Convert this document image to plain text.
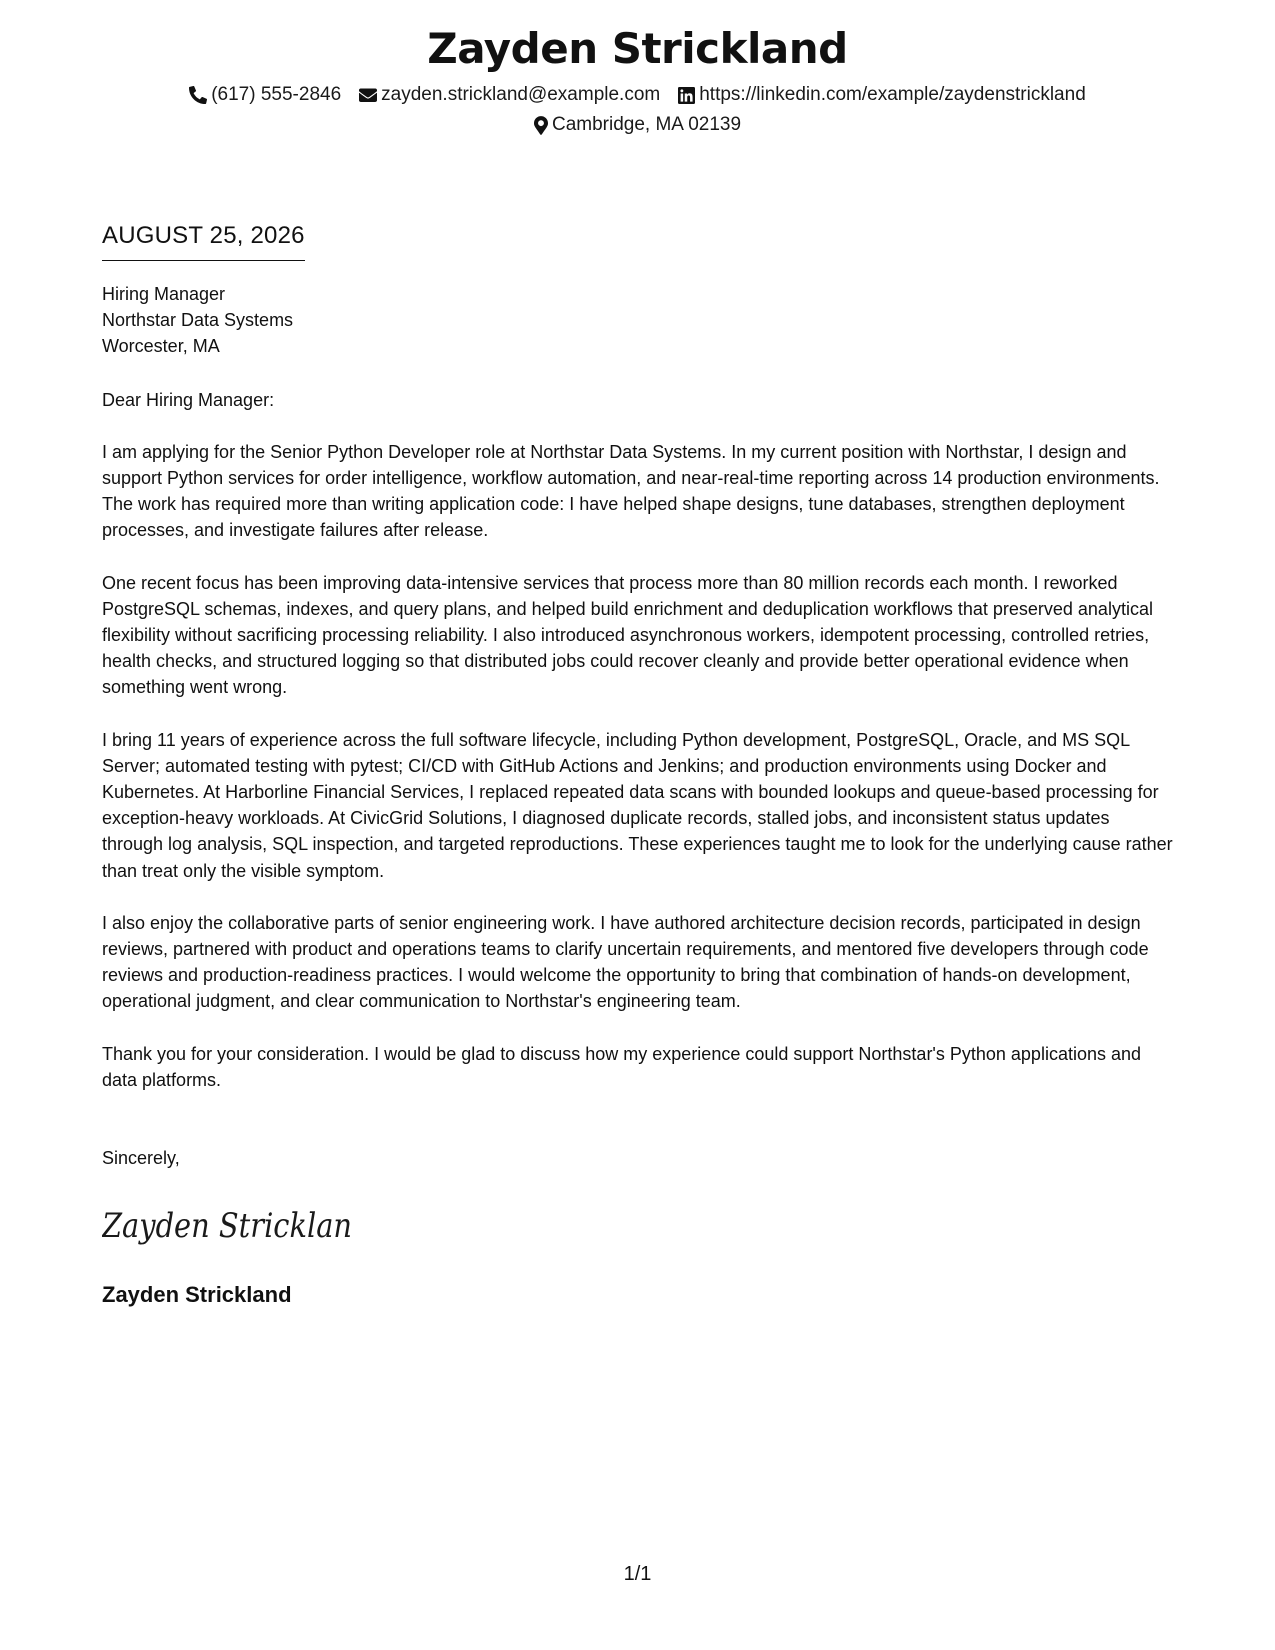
Zayden Strickland
(617) 555-2846 zayden.strickland@example.com https://linkedin.com/example/zaydenstrickland
Cambridge, MA 02139
AUGUST 25, 2026
Hiring Manager
Northstar Data Systems
Worcester, MA
Dear Hiring Manager:

I am applying for the Senior Python Developer role at Northstar Data Systems. In my current position with Northstar, I design and support Python services for order intelligence, workflow automation, and near-real-time reporting across 14 production environments. The work has required more than writing application code: I have helped shape designs, tune databases, strengthen deployment processes, and investigate failures after release.

One recent focus has been improving data-intensive services that process more than 80 million records each month. I reworked PostgreSQL schemas, indexes, and query plans, and helped build enrichment and deduplication workflows that preserved analytical flexibility without sacrificing processing reliability. I also introduced asynchronous workers, idempotent processing, controlled retries, health checks, and structured logging so that distributed jobs could recover cleanly and provide better operational evidence when something went wrong.

I bring 11 years of experience across the full software lifecycle, including Python development, PostgreSQL, Oracle, and MS SQL Server; automated testing with pytest; CI/CD with GitHub Actions and Jenkins; and production environments using Docker and Kubernetes. At Harborline Financial Services, I replaced repeated data scans with bounded lookups and queue-based processing for exception-heavy workloads. At CivicGrid Solutions, I diagnosed duplicate records, stalled jobs, and inconsistent status updates through log analysis, SQL inspection, and targeted reproductions. These experiences taught me to look for the underlying cause rather than treat only the visible symptom.

I also enjoy the collaborative parts of senior engineering work. I have authored architecture decision records, participated in design reviews, partnered with product and operations teams to clarify uncertain requirements, and mentored five developers through code reviews and production-readiness practices. I would welcome the opportunity to bring that combination of hands-on development, operational judgment, and clear communication to Northstar's engineering team.

Thank you for your consideration. I would be glad to discuss how my experience could support Northstar's Python applications and data platforms.

Sincerely,
Zayden Stricklan
Zayden Strickland
1/1
